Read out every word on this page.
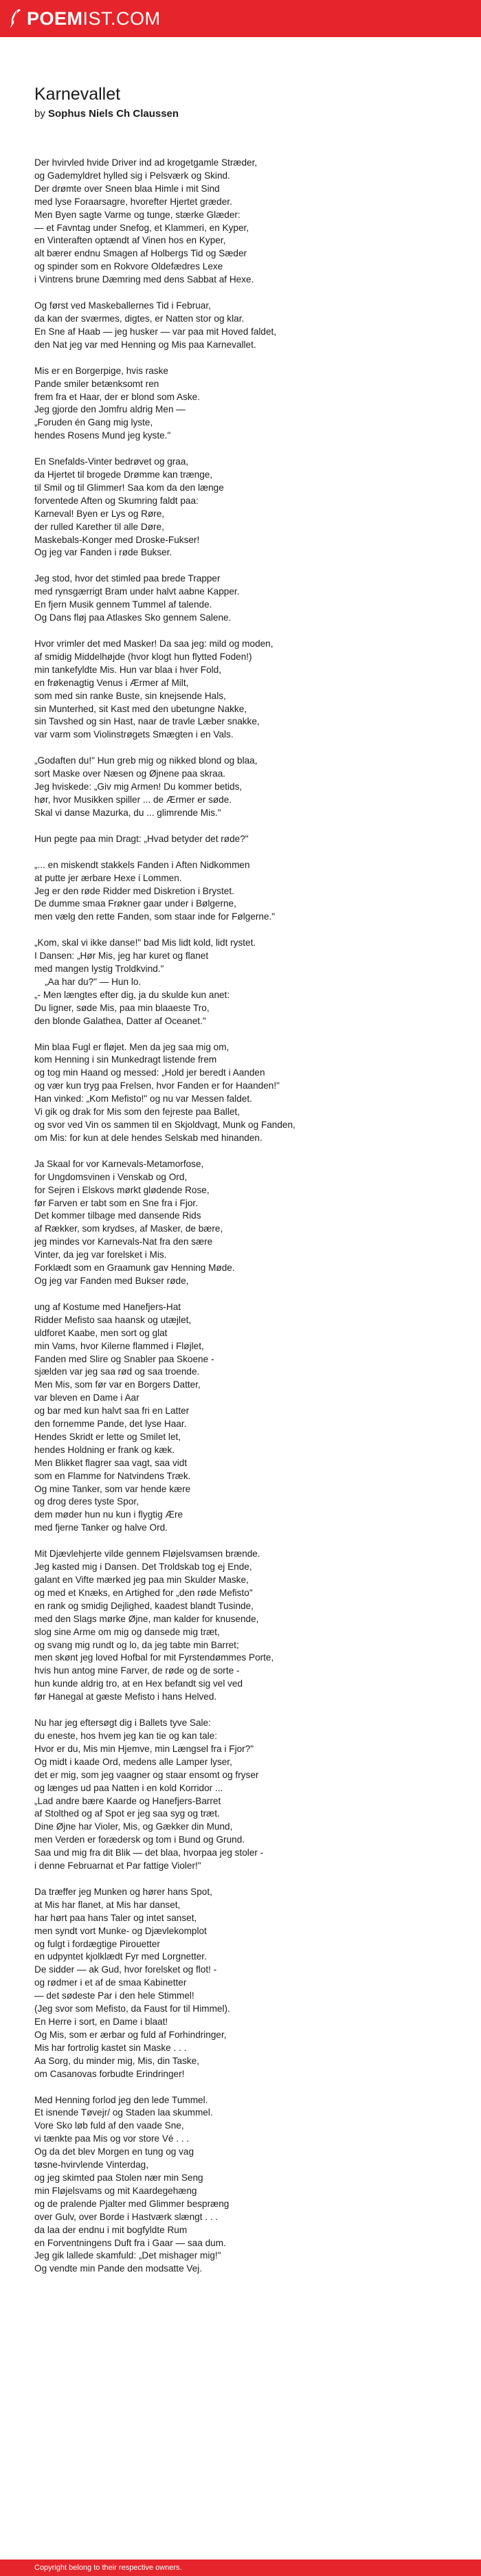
POEMIST.COM
Karnevallet
by Sophus Niels Ch Claussen
Der hvirvled hvide Driver ind ad krogetgamle Stræder,
og Gademyldret hylled sig i Pelsværk og Skind.
Der drømte over Sneen blaa Himle i mit Sind
med lyse Foraarsagre, hvorefter Hjertet græder.
Men Byen sagte Varme og tunge, stærke Glæder:
— et Favntag under Snefog, et Klammeri, en Kyper,
en Vinteraften optændt af Vinen hos en Kyper,
alt bærer endnu Smagen af Holbergs Tid og Sæder
og spinder som en Rokvore Oldefædres Lexe
i Vintrens brune Dæmring med dens Sabbat af Hexe.
Og først ved Maskeballernes Tid i Februar,
da kan der sværmes, digtes, er Natten stor og klar.
En Sne af Haab — jeg husker — var paa mit Hoved faldet,
den Nat jeg var med Henning og Mis paa Karnevallet.
Mis er en Borgerpige, hvis raske
Pande smiler betænksomt ren
frem fra et Haar, der er blond som Aske.
Jeg gjorde den Jomfru aldrig Men —
„Foruden én Gang mig lyste,
hendes Rosens Mund jeg kyste."
En Snefalds-Vinter bedrøvet og graa,
da Hjertet til brogede Drømme kan trænge,
til Smil og til Glimmer! Saa kom da den længe
forventede Aften og Skumring faldt paa:
Karneval! Byen er Lys og Røre,
der rulled Karether til alle Døre,
Maskebals-Konger med Droske-Fukser!
Og jeg var Fanden i røde Bukser.
Jeg stod, hvor det stimled paa brede Trapper
med rynsgærrigt Bram under halvt aabne Kapper.
En fjern Musik gennem Tummel af talende.
Og Dans fløj paa Atlaskes Sko gennem Salene.
Hvor vrimler det med Masker! Da saa jeg: mild og moden,
af smidig Middelhøjde (hvor klogt hun flytted Foden!)
min tankefyldte Mis. Hun var blaa i hver Fold,
en frøkenagtig Venus i Ærmer af Milt,
som med sin ranke Buste, sin knejsende Hals,
sin Munterhed, sit Kast med den ubetungne Nakke,
sin Tavshed og sin Hast, naar de travle Læber snakke,
var varm som Violinstrøgets Smægten i en Vals.
„Godaften du!" Hun greb mig og nikked blond og blaa,
sort Maske over Næsen og Øjnene paa skraa.
Jeg hviskede: „Giv mig Armen! Du kommer betids,
hør, hvor Musikken spiller ... de Ærmer er søde.
Skal vi danse Mazurka, du ... glimrende Mis."
Hun pegte paa min Dragt: „Hvad betyder det røde?"
„... en miskendt stakkels Fanden i Aften Nidkommen
at putte jer ærbare Hexe i Lommen.
Jeg er den røde Ridder med Diskretion i Brystet.
De dumme smaa Frøkner gaar under i Bølgerne,
men vælg den rette Fanden, som staar inde for Følgerne."
„Kom, skal vi ikke danse!" bad Mis lidt kold, lidt rystet.
I Dansen: „Hør Mis, jeg har kuret og flanet
med mangen lystig Troldkvind."
„Aa har du?" — Hun lo.
„- Men længtes efter dig, ja du skulde kun anet:
Du ligner, søde Mis, paa min blaaeste Tro,
den blonde Galathea, Datter af Oceanet."
Min blaa Fugl er fløjet. Men da jeg saa mig om,
kom Henning i sin Munkedragt listende frem
og tog min Haand og messed: „Hold jer beredt i Aanden
og vær kun tryg paa Frelsen, hvor Fanden er for Haanden!"
Han vinked: „Kom Mefisto!" og nu var Messen faldet.
Vi gik og drak for Mis som den fejreste paa Ballet,
og svor ved Vin os sammen til en Skjoldvagt, Munk og Fanden,
om Mis: for kun at dele hendes Selskab med hinanden.
Ja Skaal for vor Karnevals-Metamorfose,
for Ungdomsvinen i Venskab og Ord,
for Sejren i Elskovs mørkt glødende Rose,
før Farven er tabt som en Sne fra i Fjor.
Det kommer tilbage med dansende Rids
af Rækker, som krydses, af Masker, de bære,
jeg mindes vor Karnevals-Nat fra den sære
Vinter, da jeg var forelsket i Mis.
Forklædt som en Graamunk gav Henning Møde.
Og jeg var Fanden med Bukser røde,
ung af Kostume med Hanefjers-Hat
Ridder Mefisto saa haansk og utæjlet,
uldforet Kaabe, men sort og glat
min Vams, hvor Kilerne flammed i Fløjlet,
Fanden med Slire og Snabler paa Skoene -
sjælden var jeg saa rød og saa troende.
Men Mis, som før var en Borgers Datter,
var bleven en Dame i Aar
og bar med kun halvt saa fri en Latter
den fornemme Pande, det lyse Haar.
Hendes Skridt er lette og Smilet let,
hendes Holdning er frank og kæk.
Men Blikket flagrer saa vagt, saa vidt
som en Flamme for Natvindens Træk.
Og mine Tanker, som var hende kære
og drog deres tyste Spor,
dem møder hun nu kun i flygtig Ære
med fjerne Tanker og halve Ord.
Mit Djævlehjerte vilde gennem Fløjelsvamsen brænde.
Jeg kasted mig i Dansen. Det Troldskab tog ej Ende,
galant en Vifte mærked jeg paa min Skulder Maske,
og med et Knæks, en Artighed for „den røde Mefisto"
en rank og smidig Dejlighed, kaadest blandt Tusinde,
med den Slags mørke Øjne, man kalder for knusende,
slog sine Arme om mig og dansede mig træt,
og svang mig rundt og lo, da jeg tabte min Barret;
men skønt jeg loved Hofbal for mit Fyrstendømmes Porte,
hvis hun antog mine Farver, de røde og de sorte -
hun kunde aldrig tro, at en Hex befandt sig vel ved
før Hanegal at gæste Mefisto i hans Helved.
Nu har jeg eftersøgt dig i Ballets tyve Sale:
du eneste, hos hvem jeg kan tie og kan tale:
Hvor er du, Mis min Hjemve, min Længsel fra i Fjor?"
Og midt i kaade Ord, medens alle Lamper lyser,
det er mig, som jeg vaagner og staar ensomt og fryser
og længes ud paa Natten i en kold Korridor ...
„Lad andre bære Kaarde og Hanefjers-Barret
af Stolthed og af Spot er jeg saa syg og træt.
Dine Øjne har Violer, Mis, og Gækker din Mund,
men Verden er forædersk og tom i Bund og Grund.
Saa und mig fra dit Blik — det blaa, hvorpaa jeg stoler -
i denne Februarnat et Par fattige Violer!"
Da træffer jeg Munken og hører hans Spot,
at Mis har flanet, at Mis har danset,
har hørt paa hans Taler og intet sanset,
men syndt vort Munke- og Djævlekomplot
og fulgt i fordægtige Pirouetter
en udpyntet kjolklædt Fyr med Lorgnetter.
De sidder — ak Gud, hvor forelsket og flot! -
og rødmer i et af de smaa Kabinetter
— det sødeste Par i den hele Stimmel!
(Jeg svor som Mefisto, da Faust for til Himmel).
En Herre i sort, en Dame i blaat!
Og Mis, som er ærbar og fuld af Forhindringer,
Mis har fortrolig kastet sin Maske . . .
Aa Sorg, du minder mig, Mis, din Taske,
om Casanovas forbudte Erindringer!
Med Henning forlod jeg den lede Tummel.
Et isnende Tøvejr/ og Staden laa skummel.
Vore Sko løb fuld af den vaade Sne,
vi tænkte paa Mis og vor store Vé . . .
Og da det blev Morgen en tung og vag
tøsne-hvirvlende Vinterdag,
og jeg skimted paa Stolen nær min Seng
min Fløjelsvams og mit Kaardegehæng
og de pralende Pjalter med Glimmer bespræng
over Gulv, over Borde i Hastværk slængt . . .
da laa der endnu i mit bogfyldte Rum
en Forventningens Duft fra i Gaar — saa dum.
Jeg gik lallede skamfuld: „Det mishager mig!"
Og vendte min Pande den modsatte Vej.
Copyright belong to their respective owners.
